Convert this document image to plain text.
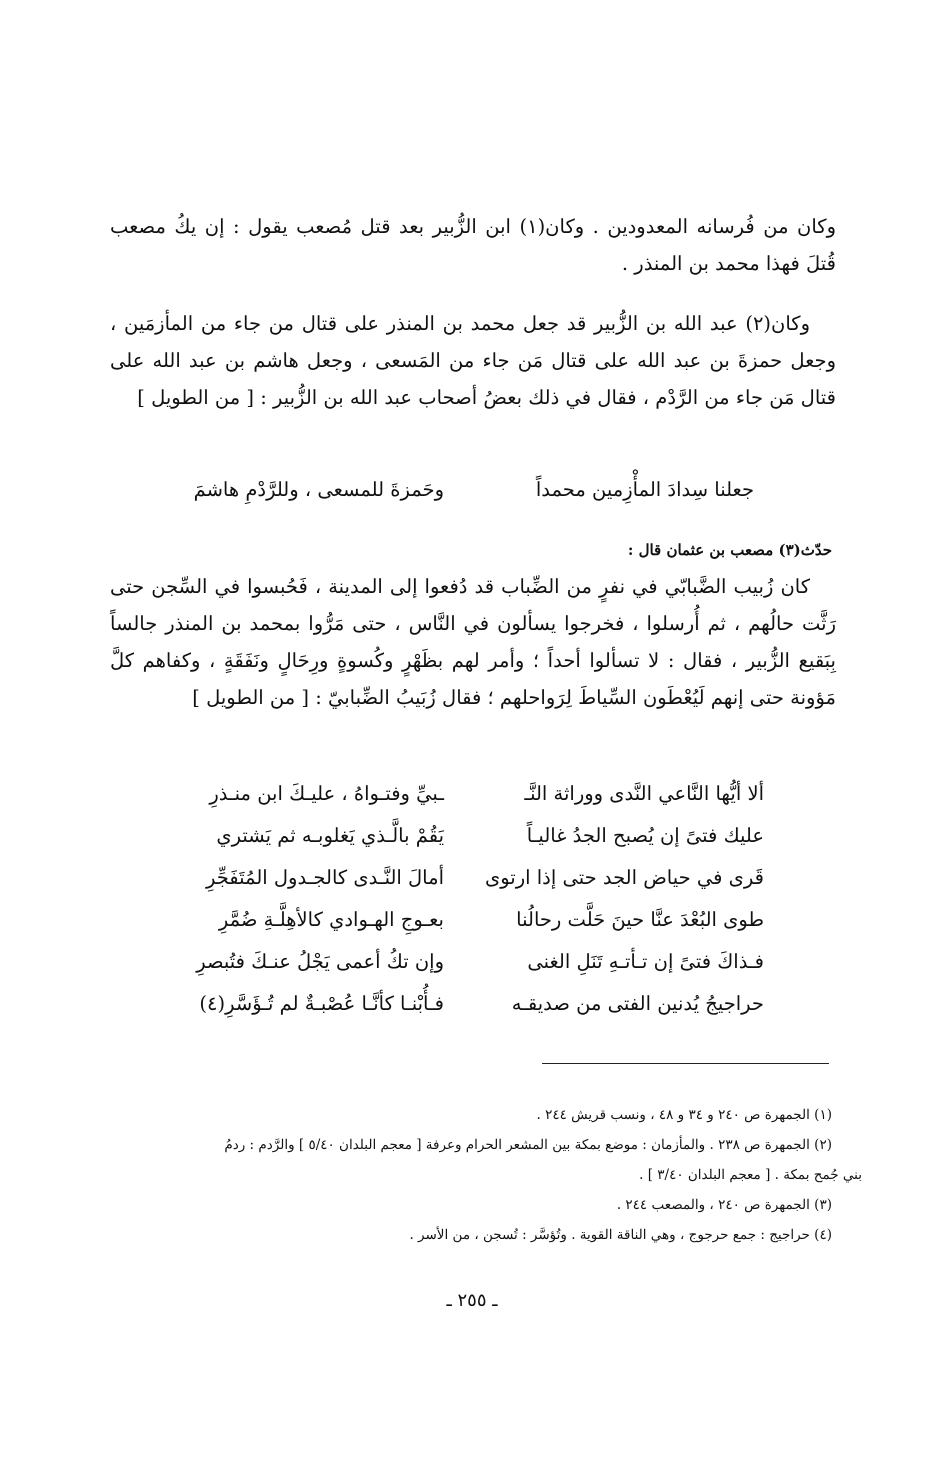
وكان من فُرسانه المعدودين . وكان(١) ابن الزُّبير بعد قتل مُصعب يقول : إن يكُ مصعب قُتلَ فهذا محمد بن المنذر .

وكان(٢) عبد الله بن الزُّبير قد جعل محمد بن المنذر على قتال من جاء من المأزمَين ، وجعل حمزةَ بن عبد الله على قتال مَن جاء من المَسعى ، وجعل هاشم بن عبد الله على قتال مَن جاء من الرَّدْم ، فقال في ذلك بعضُ أصحاب عبد الله بن الزُّبير : [ من الطويل ]

جعلنا سِدادَ المأْزِمين محمداً
وحَمزةَ للمسعى ، وللرَّدْمِ هاشمَ
حدّث(٣) مصعب بن عثمان قال :

كان زُبيب الضَّبابّي في نفرٍ من الضِّباب قد دُفعوا إلى المدينة ، فَحُبسوا في السِّجن حتى رَثَّت حالُهم ، ثم أُرسلوا ، فخرجوا يسألون في النَّاس ، حتى مَرُّوا بمحمد بن المنذر جالساً بِبَقيع الزُّبير ، فقال : لا تسألوا أحداً ؛ وأمر لهم بظَهْرٍ وكُسوةٍ ورِحَالٍ ونَفَقَةٍ ، وكفاهم كلَّ مَؤونة حتى إنهم لَيُعْطَون السِّياطَ لِرَواحلهم ؛ فقال زُبَيبُ الضِّبابيّ : [ من الطويل ]

ألا أيُّها النَّاعي النَّدى ووراثة النَّـ
ـبيِّ وفتـواهُ ، عليـكَ ابن منـذرِ
عليك فتىً إن يُصبح الجدُ غاليـاً
يَقُمْ بالَّـذي يَغلوبـه ثم يَشتري
قَرى في حياض الجد حتى إذا ارتوى
أمالَ النَّـدى كالجـدول المُتَفَجِّرِ
طوى البُعْدَ عنَّا حينَ حَلَّت رحالُنا
بعـوجِ الهـوادي كالأهِلَّـةِ ضُمَّرِ
فـذاكَ فتىً إن تـأتـهِ تَنَلِ الغنى
وإن تكُ أعمى يَجْلُ عنـكَ فتُبصرِ
حراجيجُ يُدنين الفتى من صديقـه
فـأُبْنـا كأنَّـا عُصْبـةٌ لم تُـؤَسَّرِ(٤)

(١) الجمهرة ص ٢٤٠ و ٣٤ و ٤٨ ، ونسب قريش ٢٤٤ .

(٢) الجمهرة ص ٢٣٨ . والمأزمان : موضع بمكة بين المشعر الحرام وعرفة [ معجم البلدان ٥/٤٠ ] والرَّدم : ردمُ

بني جُمح بمكة . [ معجم البلدان ٣/٤٠ ] .

(٣) الجمهرة ص ٢٤٠ ، والمصعب ٢٤٤ .

(٤) حراجيج : جمع حرجوج ، وهي الناقة القوية . وتُؤسَّر : تُسجن ، من الأسر .

ـ ٢٥٥ ـ
